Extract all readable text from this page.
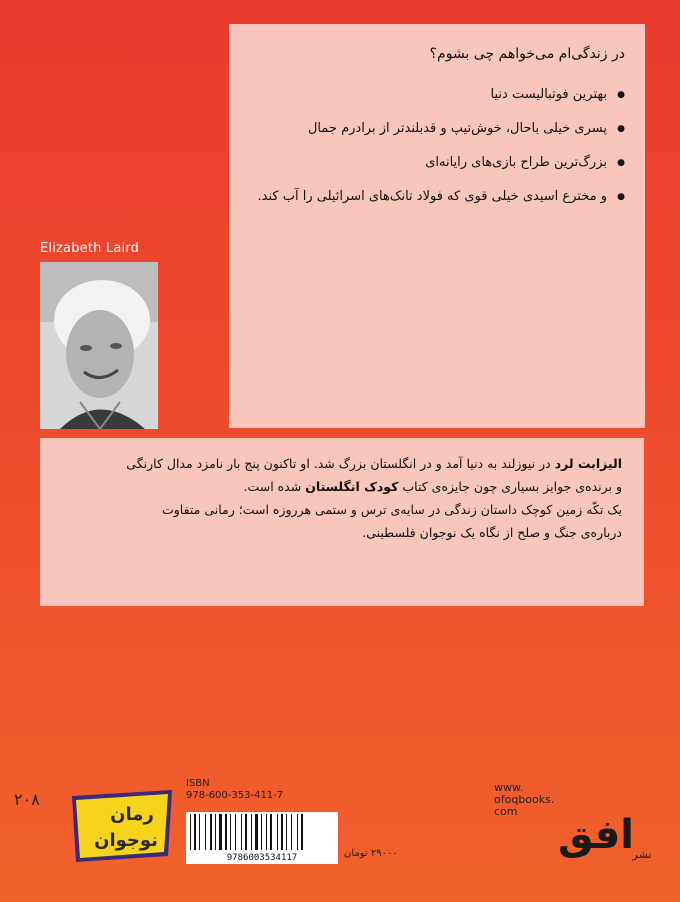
در زندگی‌ام می‌خواهم چی بشوم؟

● بهترین فوتبالیست دنیا
● پسری خیلی باحال، خوش‌تیپ و قدبلندتر از برادرم جمال
● بزرگ‌ترین طراح بازی‌های رایانه‌ای
● و مخترع اسیدی خیلی قوی که فولاد تانک‌های اسرائیلی را آب کند.
Elizabeth Laird

الیزابت لرد در نیوزلند به دنیا آمد و در انگلستان بزرگ شد. او تاکنون پنج بار نامزد مدال کارنگی

و برنده‌ی جوایز بسیاری چون جایزه‌ی کتاب کودک انگلستان شده است.

یک تکّه زمین کوچک داستان زندگی در سایه‌ی ترس و ستمی هرروزه است؛ رمانی متفاوت

درباره‌ی جنگ و صلح از نگاه یک نوجوان فلسطینی.

۲۰۸
رمان
نوجوان
ISBN
978-600-353-411-7
9786003534117	۲۹۰۰۰ تومان
www.
ofoqbooks.
com
افق
نشر
